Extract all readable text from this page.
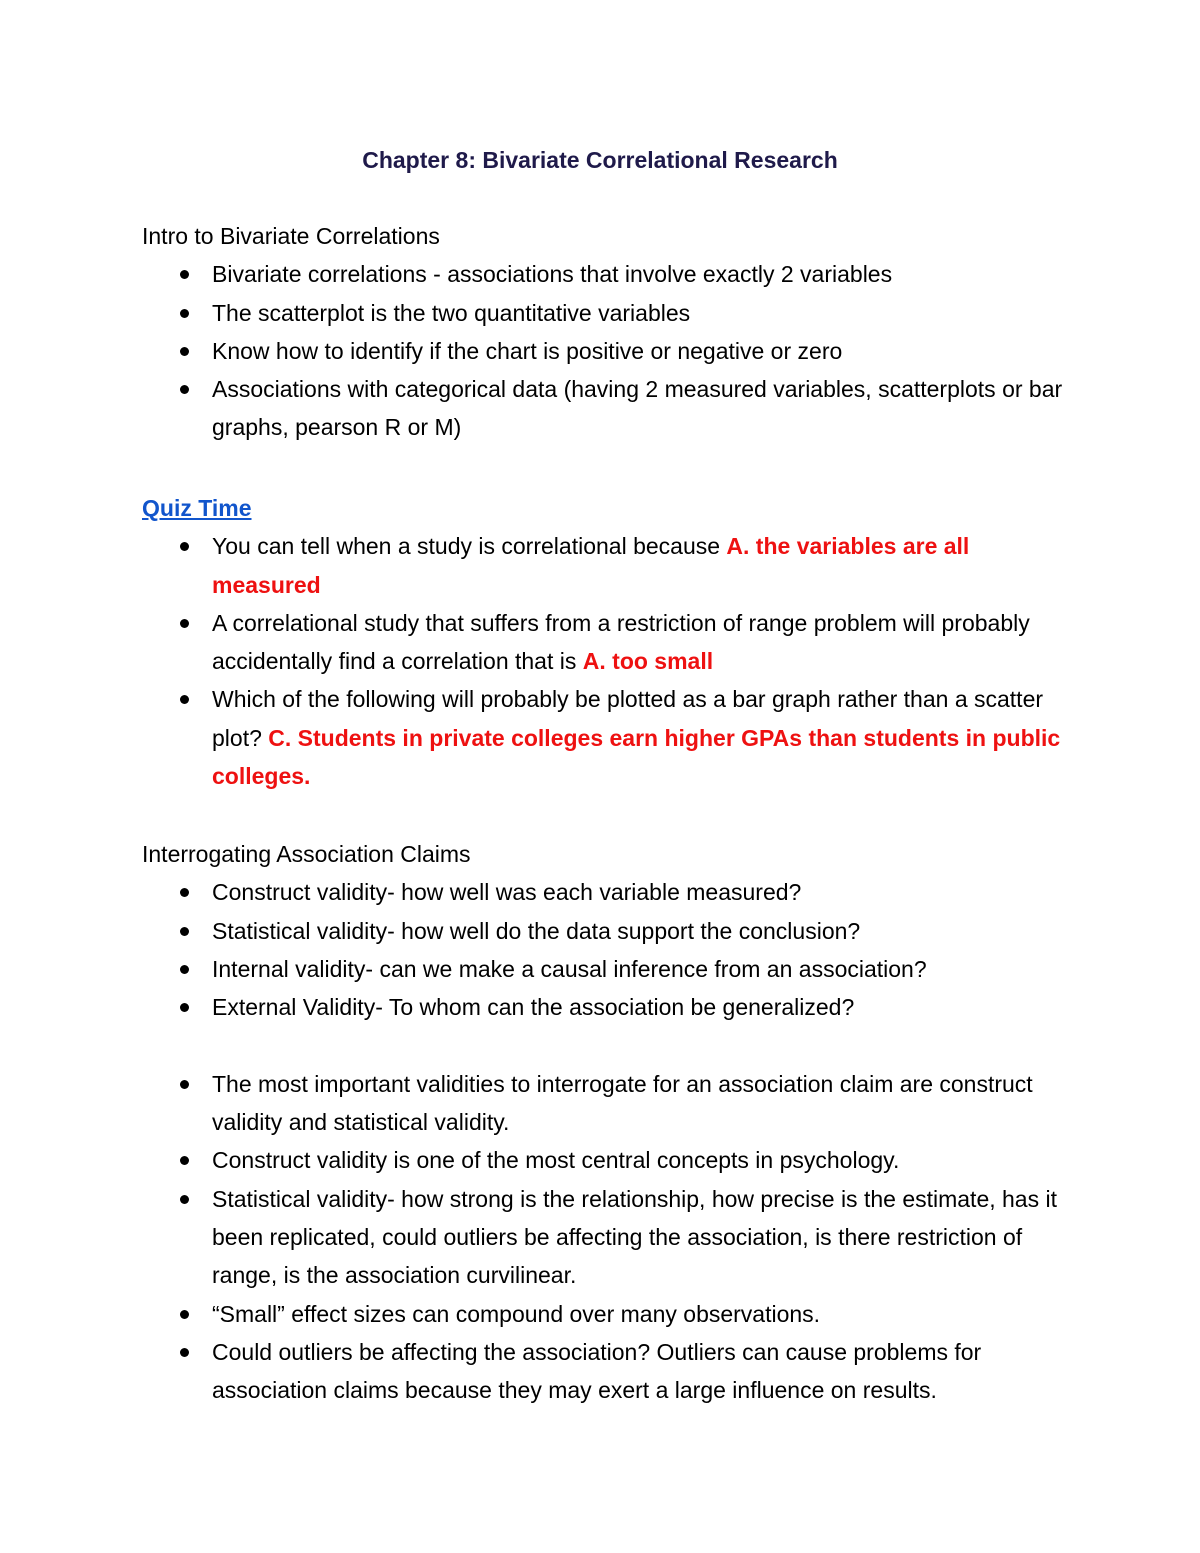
Chapter 8: Bivariate Correlational Research

Intro to Bivariate Correlations

Bivariate correlations - associations that involve exactly 2 variables
The scatterplot is the two quantitative variables
Know how to identify if the chart is positive or negative or zero
Associations with categorical data (having 2 measured variables, scatterplots or bar graphs, pearson R or M)

Quiz Time

You can tell when a study is correlational because A. the variables are all measured
A correlational study that suffers from a restriction of range problem will probably accidentally find a correlation that is A. too small
Which of the following will probably be plotted as a bar graph rather than a scatter plot? C. Students in private colleges earn higher GPAs than students in public colleges.

Interrogating Association Claims

Construct validity- how well was each variable measured?
Statistical validity- how well do the data support the conclusion?
Internal validity- can we make a causal inference from an association?
External Validity- To whom can the association be generalized?
The most important validities to interrogate for an association claim are construct validity and statistical validity.
Construct validity is one of the most central concepts in psychology.
Statistical validity- how strong is the relationship, how precise is the estimate, has it been replicated, could outliers be affecting the association, is there restriction of range, is the association curvilinear.
“Small” effect sizes can compound over many observations.
Could outliers be affecting the association? Outliers can cause problems for association claims because they may exert a large influence on results.
